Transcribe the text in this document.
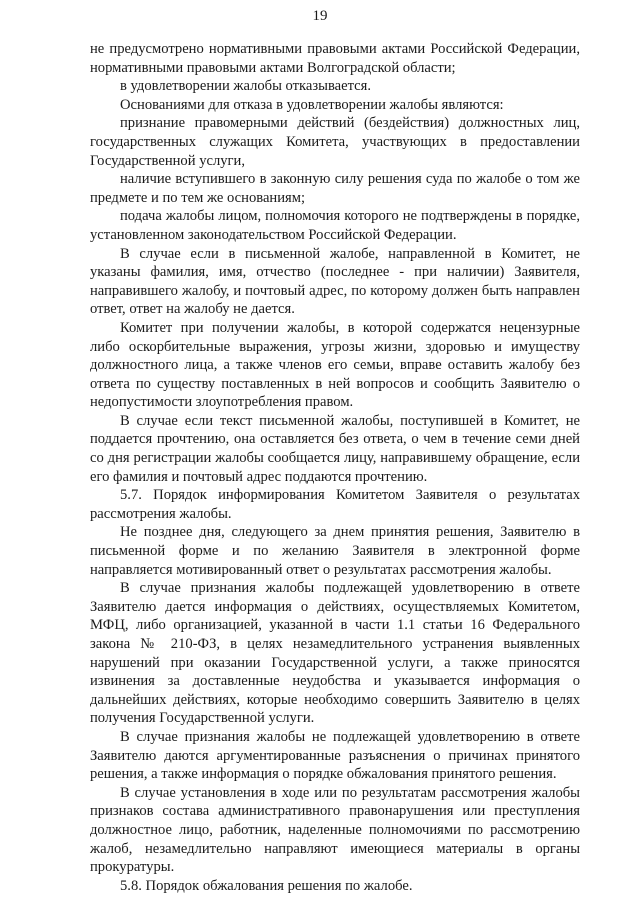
19

не предусмотрено нормативными правовыми актами Российской Федерации, нормативными правовыми актами Волгоградской области;

в удовлетворении жалобы отказывается.

Основаниями для отказа в удовлетворении жалобы являются:

признание правомерными действий (бездействия) должностных лиц, государственных служащих Комитета, участвующих в предоставлении Государственной услуги,

наличие вступившего в законную силу решения суда по жалобе о том же предмете и по тем же основаниям;

подача жалобы лицом, полномочия которого не подтверждены в порядке, установленном законодательством Российской Федерации.

В случае если в письменной жалобе, направленной в Комитет, не указаны фамилия, имя, отчество (последнее - при наличии) Заявителя, направившего жалобу, и почтовый адрес, по которому должен быть направлен ответ, ответ на жалобу не дается.

Комитет при получении жалобы, в которой содержатся нецензурные либо оскорбительные выражения, угрозы жизни, здоровью и имуществу должностного лица, а также членов его семьи, вправе оставить жалобу без ответа по существу поставленных в ней вопросов и сообщить Заявителю о недопустимости злоупотребления правом.

В случае если текст письменной жалобы, поступившей в Комитет, не поддается прочтению, она оставляется без ответа, о чем в течение семи дней со дня регистрации жалобы сообщается лицу, направившему обращение, если его фамилия и почтовый адрес поддаются прочтению.

5.7. Порядок информирования Комитетом Заявителя о результатах рассмотрения жалобы.

Не позднее дня, следующего за днем принятия решения, Заявителю в письменной форме и по желанию Заявителя в электронной форме направляется мотивированный ответ о результатах рассмотрения жалобы.

В случае признания жалобы подлежащей удовлетворению в ответе Заявителю дается информация о действиях, осуществляемых Комитетом, МФЦ, либо организацией, указанной в части 1.1 статьи 16 Федерального закона № 210-ФЗ, в целях незамедлительного устранения выявленных нарушений при оказании Государственной услуги, а также приносятся извинения за доставленные неудобства и указывается информация о дальнейших действиях, которые необходимо совершить Заявителю в целях получения Государственной услуги.

В случае признания жалобы не подлежащей удовлетворению в ответе Заявителю даются аргументированные разъяснения о причинах принятого решения, а также информация о порядке обжалования принятого решения.

В случае установления в ходе или по результатам рассмотрения жалобы признаков состава административного правонарушения или преступления должностное лицо, работник, наделенные полномочиями по рассмотрению жалоб, незамедлительно направляют имеющиеся материалы в органы прокуратуры.

5.8. Порядок обжалования решения по жалобе.
